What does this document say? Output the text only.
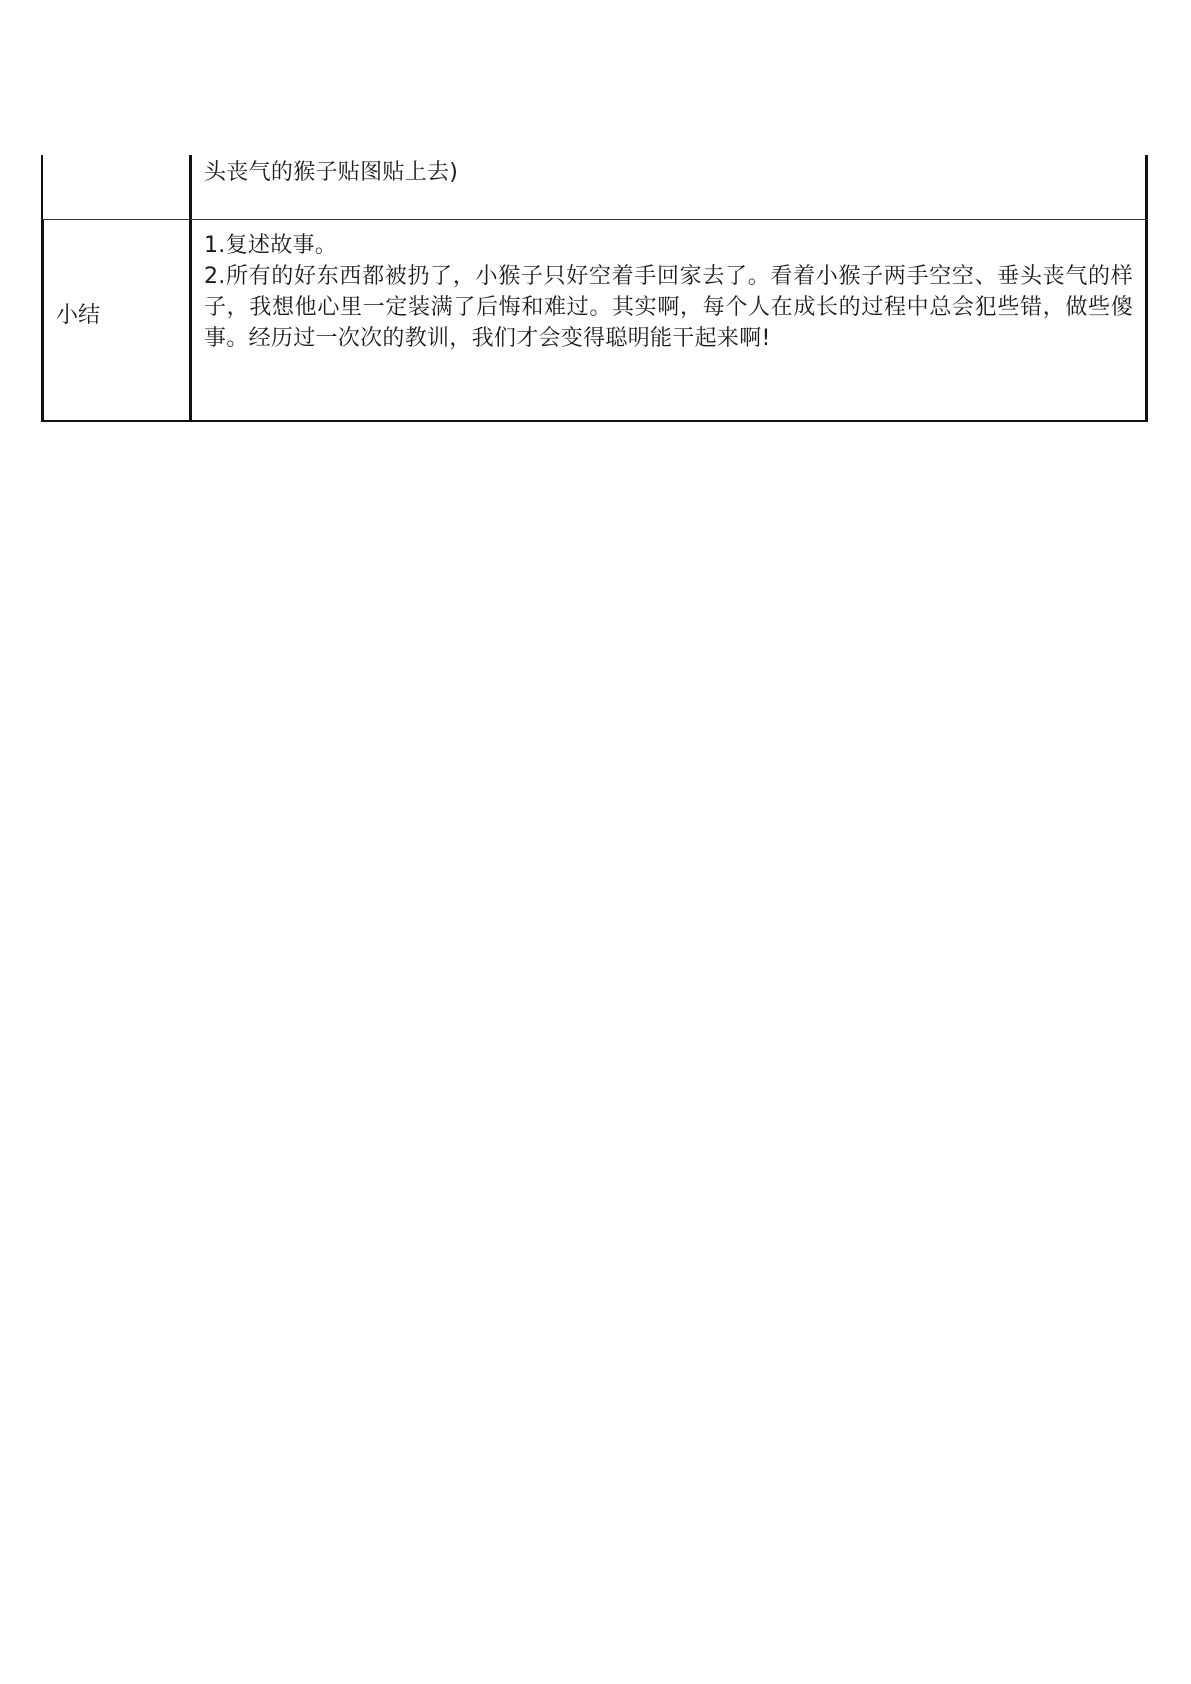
头丧气的猴子贴图贴上去)

小结

1.复述故事。

2.所有的好东西都被扔了，小猴子只好空着手回家去了。看着小猴子两手空空、垂头丧气的样子，我想他心里一定装满了后悔和难过。其实啊，每个人在成长的过程中总会犯些错，做些傻事。经历过一次次的教训，我们才会变得聪明能干起来啊!
